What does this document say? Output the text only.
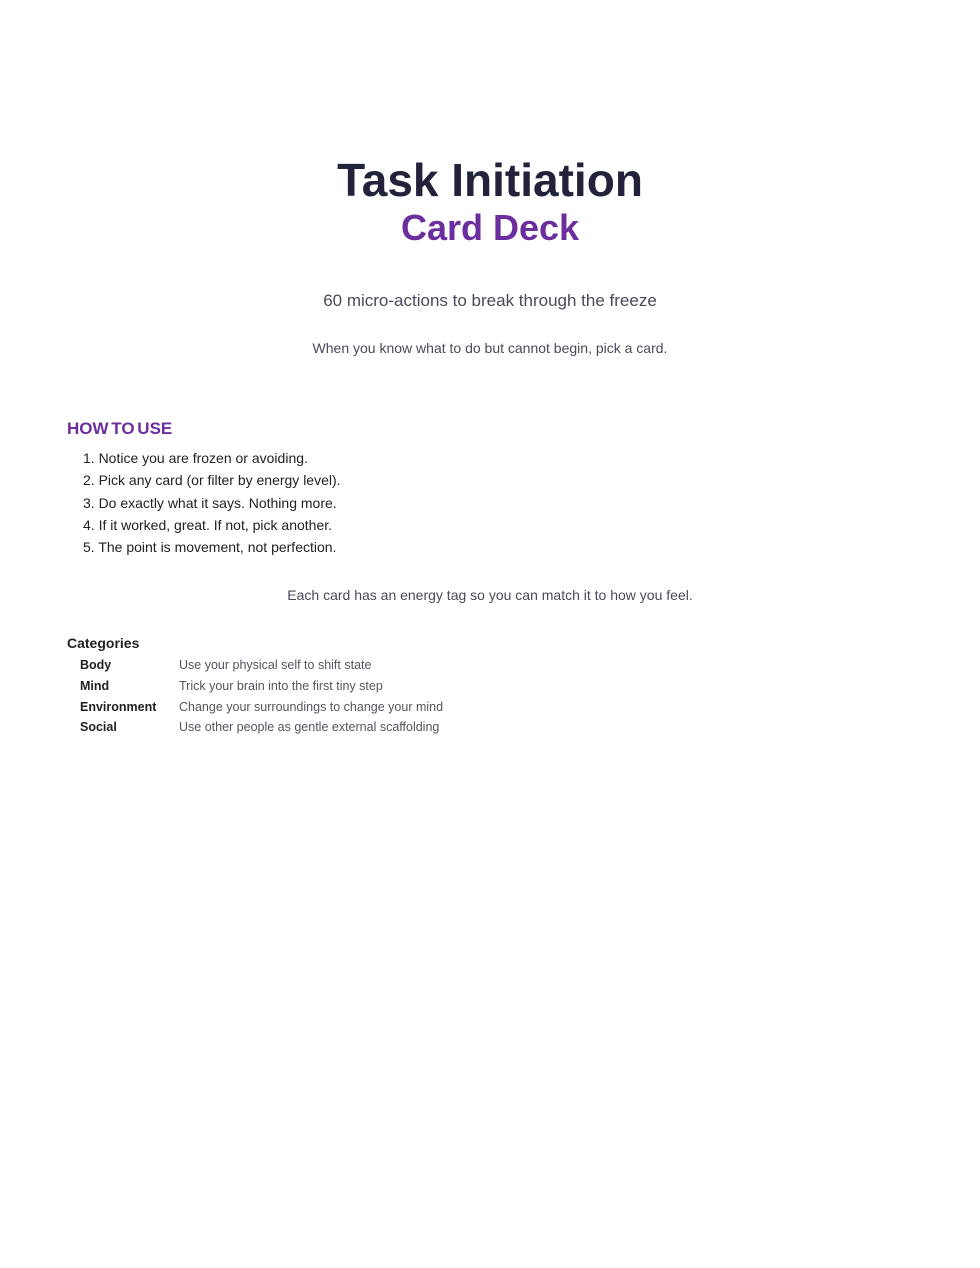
Task Initiation
Card Deck
60 micro-actions to break through the freeze
When you know what to do but cannot begin, pick a card.
HOW TO USE
1. Notice you are frozen or avoiding.
2. Pick any card (or filter by energy level).
3. Do exactly what it says. Nothing more.
4. If it worked, great. If not, pick another.
5. The point is movement, not perfection.
Each card has an energy tag so you can match it to how you feel.
Categories
Body	Use your physical self to shift state
Mind	Trick your brain into the first tiny step
Environment	Change your surroundings to change your mind
Social	Use other people as gentle external scaffolding
